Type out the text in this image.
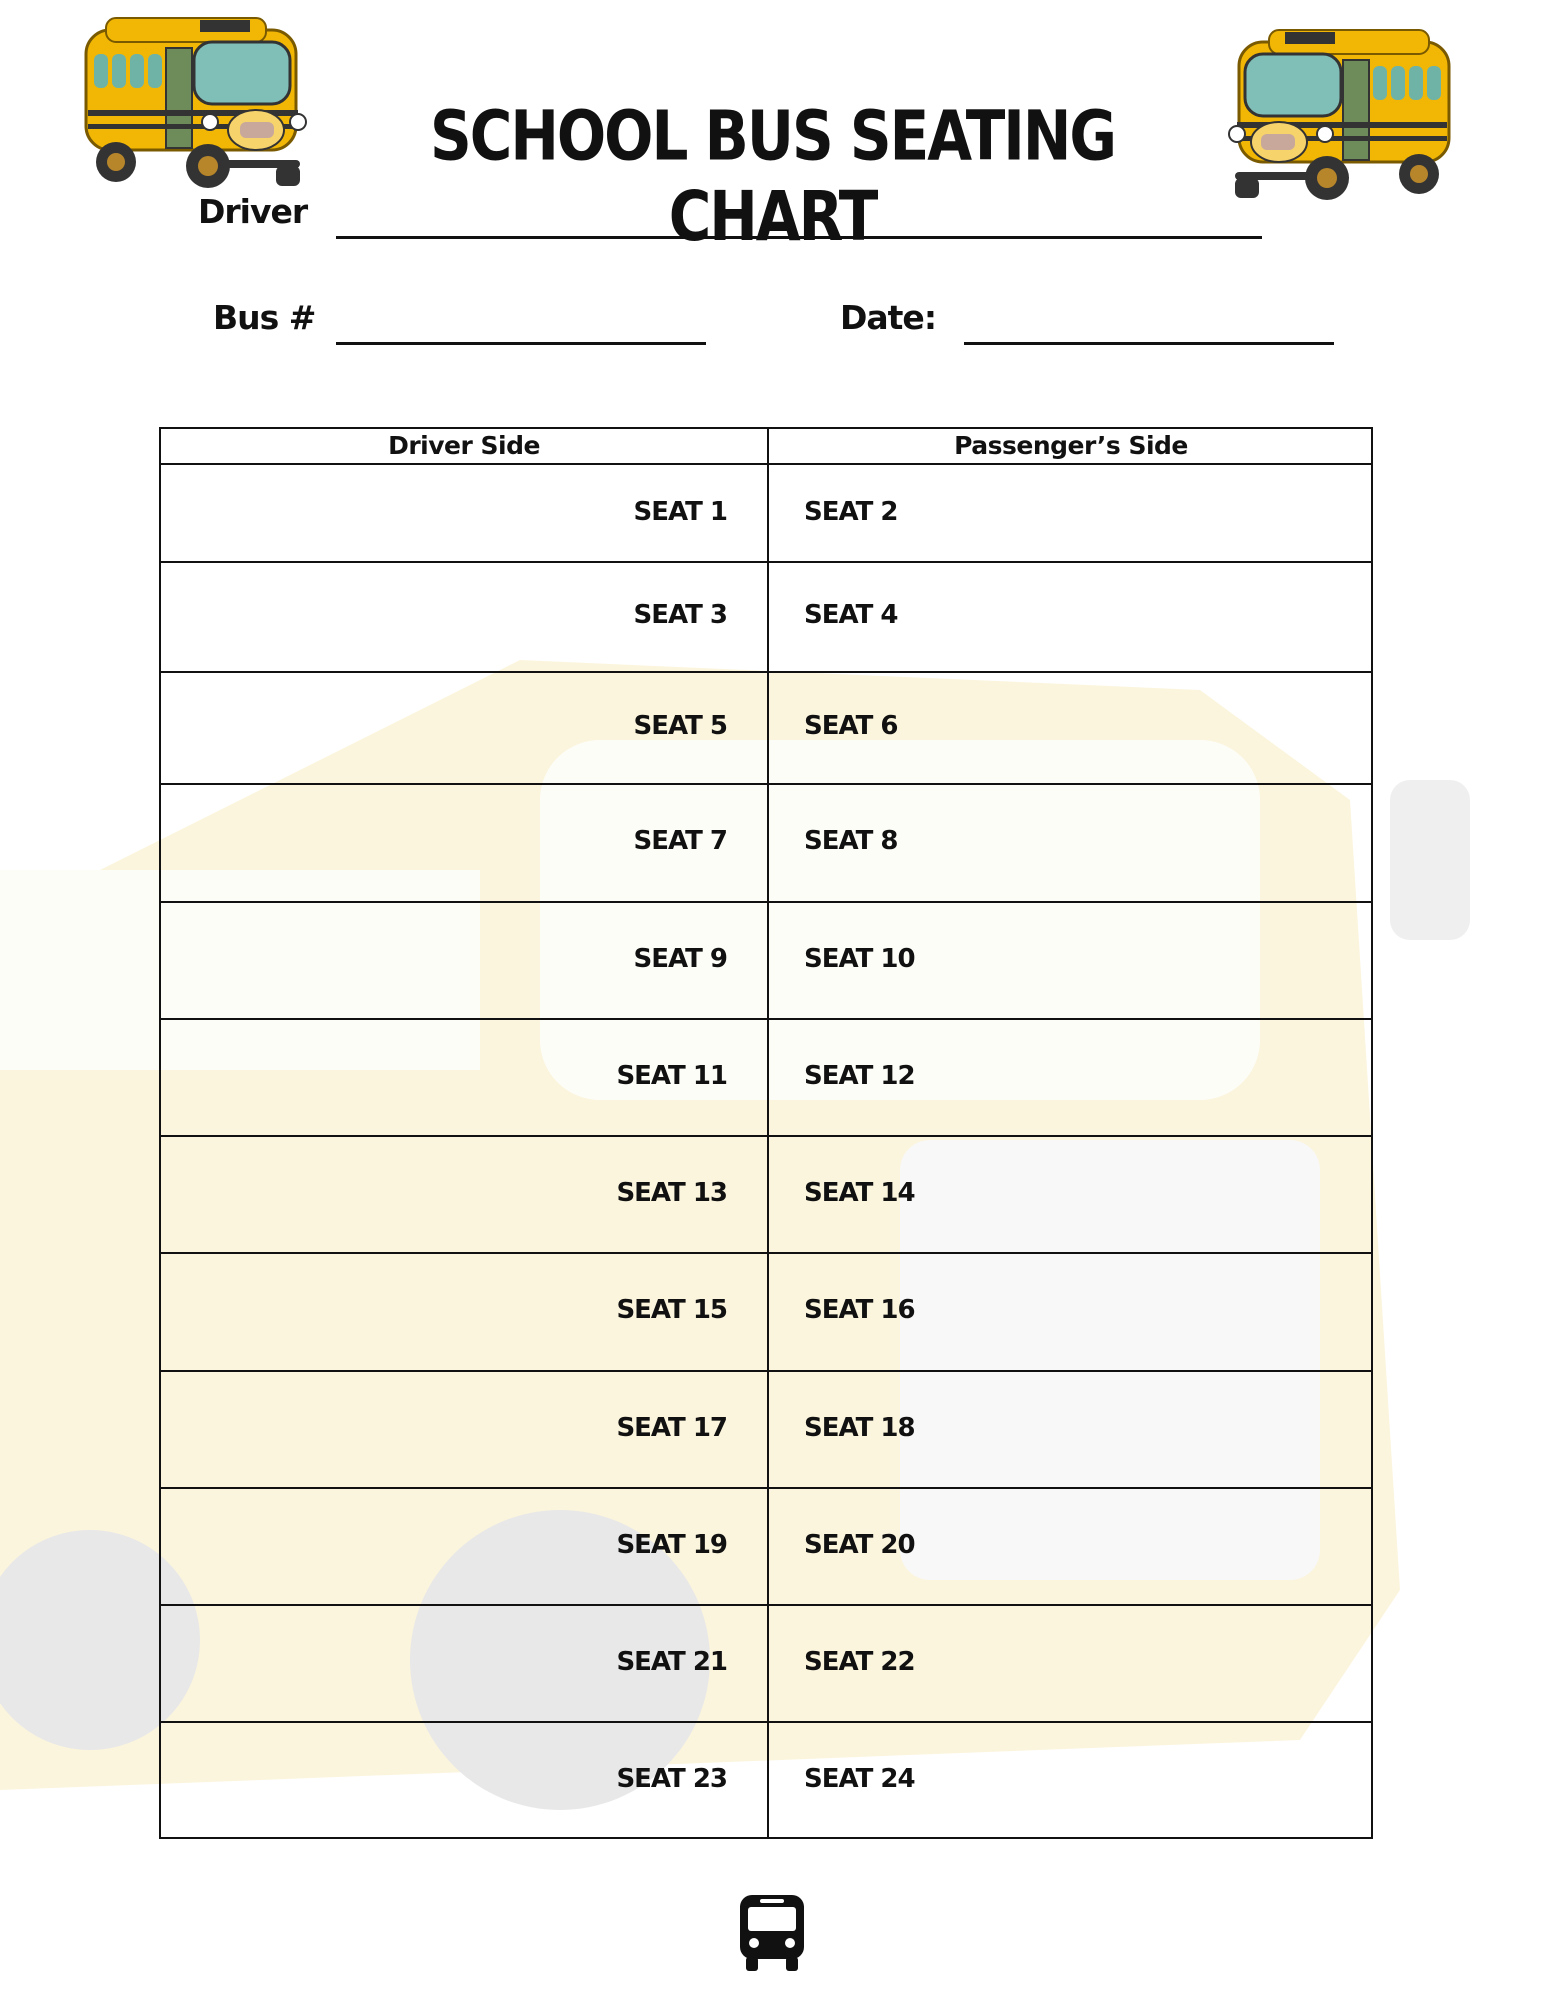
SCHOOL BUS SEATING CHART
Driver
Bus #	Date:
Driver Side	Passenger’s Side
SEAT 1	SEAT 2
SEAT 3	SEAT 4
SEAT 5	SEAT 6
SEAT 7	SEAT 8
SEAT 9	SEAT 10
SEAT 11	SEAT 12
SEAT 13	SEAT 14
SEAT 15	SEAT 16
SEAT 17	SEAT 18
SEAT 19	SEAT 20
SEAT 21	SEAT 22
SEAT 23	SEAT 24
